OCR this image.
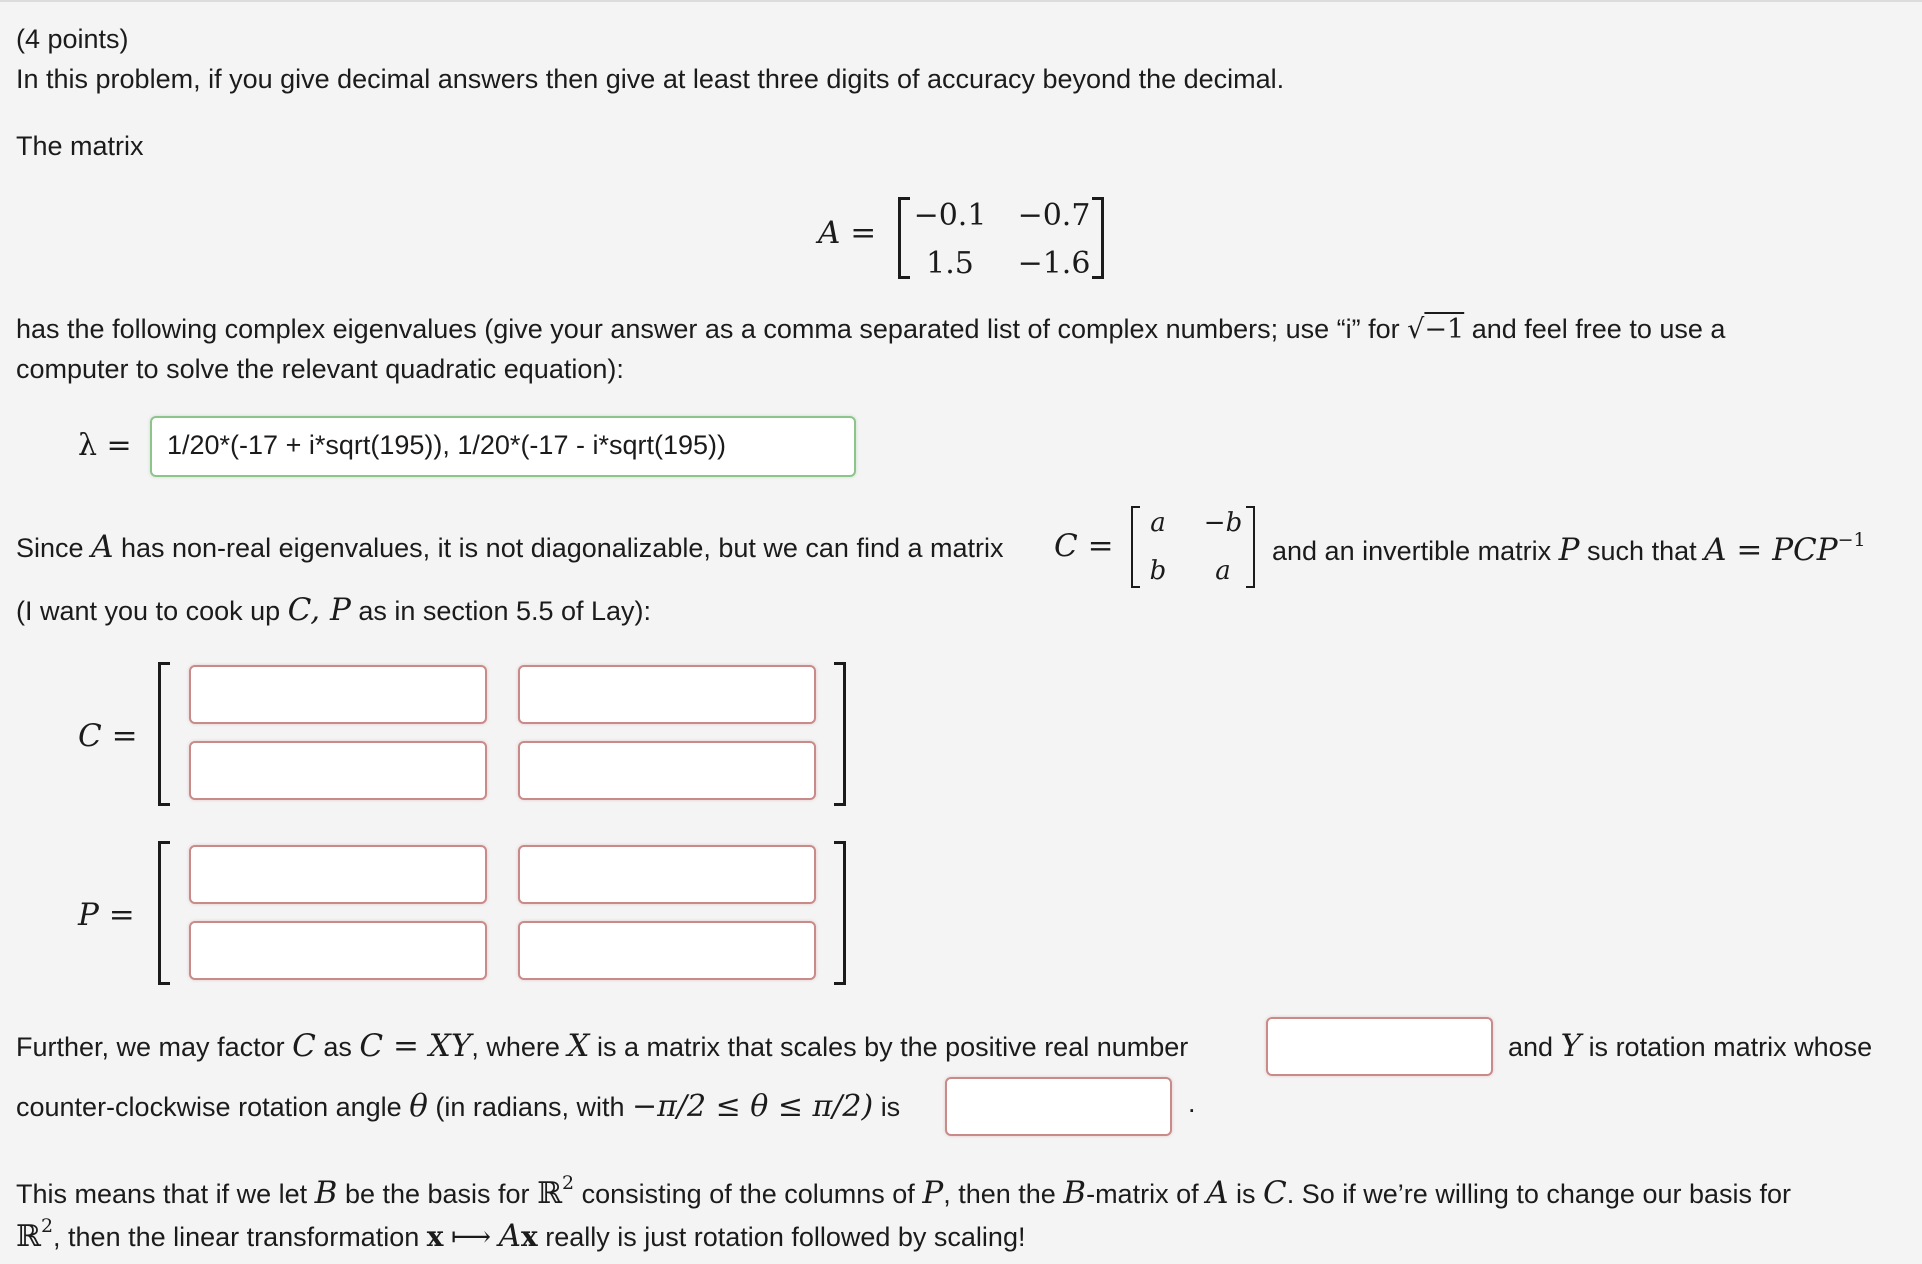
(4 points)
In this problem, if you give decimal answers then give at least three digits of accuracy beyond the decimal.
The matrix
A = −0.1 −0.7
1.5	−1.6
has the following complex eigenvalues (give your answer as a comma separated list of complex numbers; use “i” for √−1 and feel free to use a
computer to solve the relevant quadratic equation):
λ =	1/20*(-17 + i*sqrt(195)), 1/20*(-17 - i*sqrt(195))
Since A has non-real eigenvalues, it is not diagonalizable, but we can find a matrix C =
a	−b
b	a
and an invertible matrix P such that $A = PCP^{-1}$
(I want you to cook up C, P as in section 5.5 of Lay):
C =
P =
Further, we may factor C as C = XY, where X is a matrix that scales by the positive real number	and Y is rotation matrix whose
counter-clockwise rotation angle θ (in radians, with −π/2 ≤ θ ≤ π/2) is	.
This means that if we let B be the basis for ℝ$^2$ consisting of the columns of P, then the B-matrix of A is C. So if we’re willing to change our basis for
ℝ$^2$, then the linear transformation x ⟼ Ax really is just rotation followed by scaling!
